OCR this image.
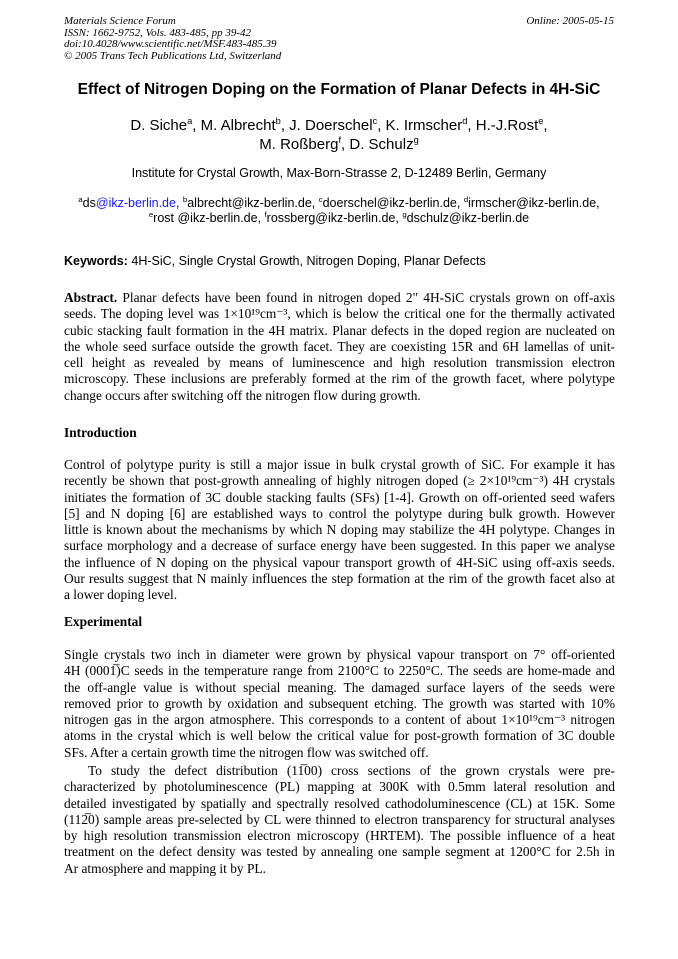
Materials Science Forum
ISSN: 1662-9752, Vols. 483-485, pp 39-42
doi:10.4028/www.scientific.net/MSF.483-485.39
© 2005 Trans Tech Publications Ltd, Switzerland
Online: 2005-05-15
Effect of Nitrogen Doping on the Formation of Planar Defects in 4H-SiC
D. Siche$^a$, M. Albrecht$^b$, J. Doerschel$^c$, K. Irmscher$^d$, H.-J.Rost$^e$,
M. Roßberg$^f$, D. Schulz$^g$
Institute for Crystal Growth, Max-Born-Strasse 2, D-12489 Berlin, Germany
$^a$ds@ikz-berlin.de, $^b$albrecht@ikz-berlin.de, $^c$doerschel@ikz-berlin.de, $^d$irmscher@ikz-berlin.de,
$^e$rost @ikz-berlin.de, $^f$rossberg@ikz-berlin.de, $^g$dschulz@ikz-berlin.de
Keywords: 4H-SiC, Single Crystal Growth, Nitrogen Doping, Planar Defects
Abstract. Planar defects have been found in nitrogen doped 2" 4H-SiC crystals grown on off-axis
seeds. The doping level was 1×10¹⁹cm⁻³, which is below the critical one for the thermally activated
cubic stacking fault formation in the 4H matrix. Planar defects in the doped region are nucleated on
the whole seed surface outside the growth facet. They are coexisting 15R and 6H lamellas of unit-
cell height as revealed by means of luminescence and high resolution transmission electron
microscopy. These inclusions are preferably formed at the rim of the growth facet, where polytype
change occurs after switching off the nitrogen flow during growth.
Introduction
Control of polytype purity is still a major issue in bulk crystal growth of SiC. For example it has
recently be shown that post-growth annealing of highly nitrogen doped (≥ 2×10¹⁹cm⁻³) 4H crystals
initiates the formation of 3C double stacking faults (SFs) [1-4]. Growth on off-oriented seed wafers
[5] and N doping [6] are established ways to control the polytype during bulk growth. However
little is known about the mechanisms by which N doping may stabilize the 4H polytype. Changes in
surface morphology and a decrease of surface energy have been suggested. In this paper we analyse
the influence of N doping on the physical vapour transport growth of 4H-SiC using off-axis seeds.
Our results suggest that N mainly influences the step formation at the rim of the growth facet also at
a lower doping level.
Experimental
Single crystals two inch in diameter were grown by physical vapour transport on 7° off-oriented
4H (0001̅)C seeds in the temperature range from 2100°C to 2250°C. The seeds are home-made and
the off-angle value is without special meaning. The damaged surface layers of the seeds were
removed prior to growth by oxidation and subsequent etching. The growth was started with 10%
nitrogen gas in the argon atmosphere. This corresponds to a content of about 1×10¹⁹cm⁻³ nitrogen
atoms in the crystal which is well below the critical value for post-growth formation of 3C double
SFs. After a certain growth time the nitrogen flow was switched off.
To study the defect distribution (11̅00) cross sections of the grown crystals were pre-
characterized by photoluminescence (PL) mapping at 300K with 0.5mm lateral resolution and
detailed investigated by spatially and spectrally resolved cathodoluminescence (CL) at 15K. Some
(112̅0) sample areas pre-selected by CL were thinned to electron transparency for structural analyses
by high resolution transmission electron microscopy (HRTEM). The possible influence of a heat
treatment on the defect density was tested by annealing one sample segment at 1200°C for 2.5h in
Ar atmosphere and mapping it by PL.
